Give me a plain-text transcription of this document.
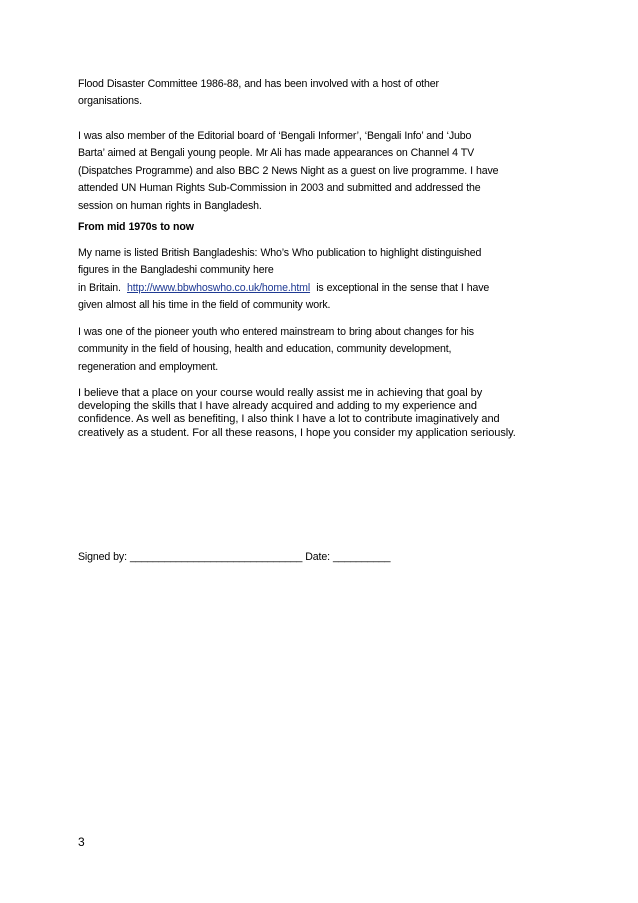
Flood Disaster Committee 1986-88, and has been involved with a host of other
organisations.
I was also member of the Editorial board of ‘Bengali Informer’, ‘Bengali Info’ and ‘Jubo
Barta’ aimed at Bengali young people. Mr Ali has made appearances on Channel 4 TV
(Dispatches Programme) and also BBC 2 News Night as a guest on live programme. I have
attended UN Human Rights Sub-Commission in 2003 and submitted and addressed the
session on human rights in Bangladesh.
From mid 1970s to now
My name is listed British Bangladeshis: Who’s Who publication to highlight distinguished
figures in the Bangladeshi community here
in Britain.  http://www.bbwhoswho.co.uk/home.html  is exceptional in the sense that I have
given almost all his time in the field of community work.
I was one of the pioneer youth who entered mainstream to bring about changes for his
community in the field of housing, health and education, community development,
regeneration and employment.
I believe that a place on your course would really assist me in achieving that goal by
developing the skills that I have already acquired and adding to my experience and
confidence. As well as benefiting, I also think I have a lot to contribute imaginatively and
creatively as a student. For all these reasons, I hope you consider my application seriously.
Signed by: ______________________________ Date: __________
3
